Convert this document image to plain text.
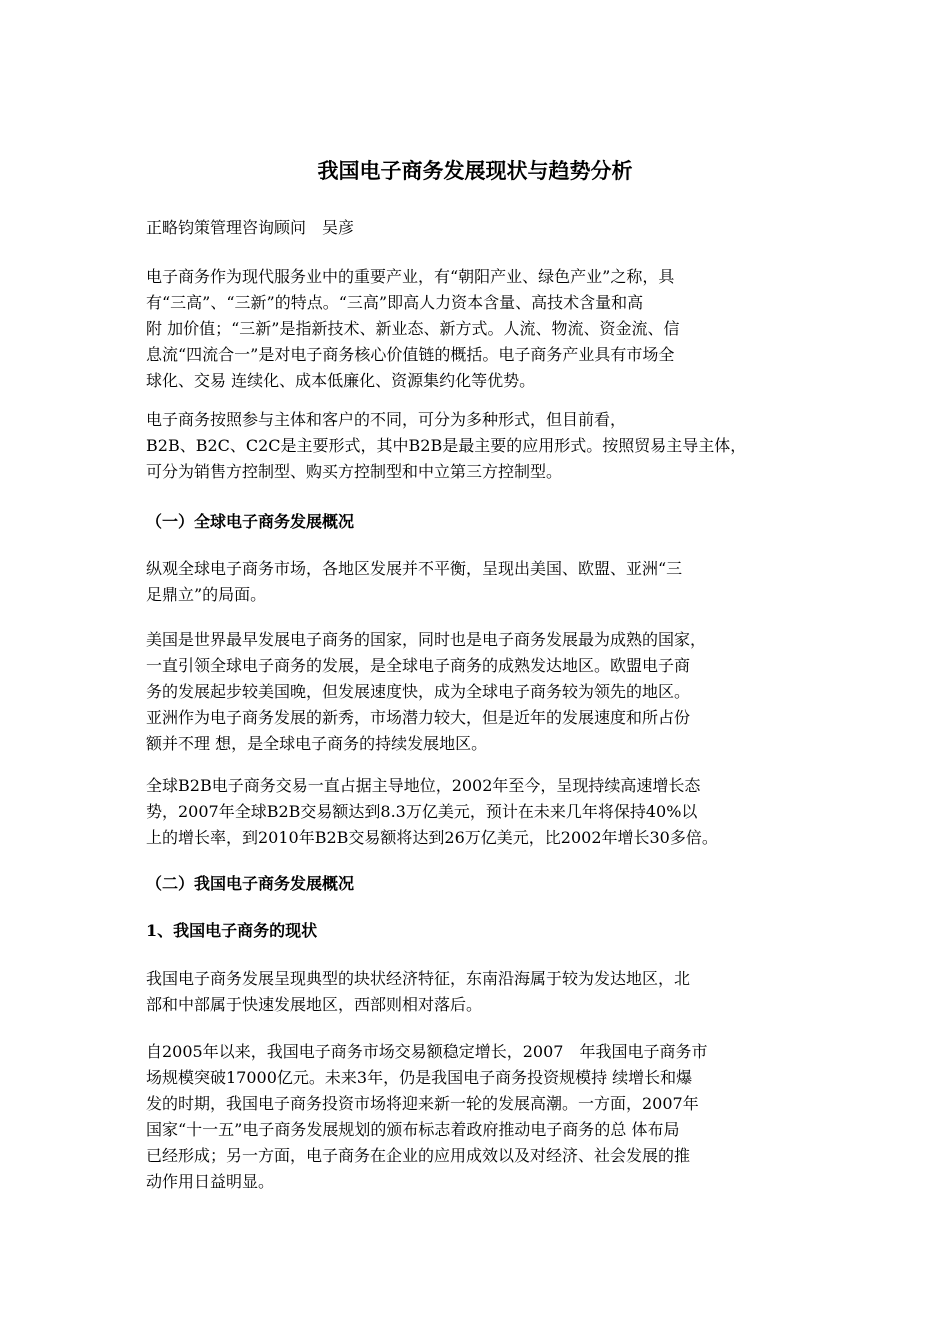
我国电子商务发展现状与趋势分析

正略钧策管理咨询顾问　吴彦

电子商务作为现代服务业中的重要产业，有“朝阳产业、绿色产业”之称，具
有“三高”、“三新”的特点。“三高”即高人力资本含量、高技术含量和高
附 加价值；“三新”是指新技术、新业态、新方式。人流、物流、资金流、信
息流“四流合一”是对电子商务核心价值链的概括。电子商务产业具有市场全
球化、交易 连续化、成本低廉化、资源集约化等优势。

电子商务按照参与主体和客户的不同，可分为多种形式，但目前看，
B2B、B2C、C2C是主要形式，其中B2B是最主要的应用形式。按照贸易主导主体，
可分为销售方控制型、购买方控制型和中立第三方控制型。

（一）全球电子商务发展概况

纵观全球电子商务市场，各地区发展并不平衡，呈现出美国、欧盟、亚洲“三
足鼎立”的局面。

美国是世界最早发展电子商务的国家，同时也是电子商务发展最为成熟的国家，
一直引领全球电子商务的发展，是全球电子商务的成熟发达地区。欧盟电子商
务的发展起步较美国晚，但发展速度快，成为全球电子商务较为领先的地区。
亚洲作为电子商务发展的新秀，市场潜力较大，但是近年的发展速度和所占份
额并不理 想，是全球电子商务的持续发展地区。

全球B2B电子商务交易一直占据主导地位，2002年至今，呈现持续高速增长态
势，2007年全球B2B交易额达到8.3万亿美元，预计在未来几年将保持40%以
上的增长率，到2010年B2B交易额将达到26万亿美元，比2002年增长30多倍。

（二）我国电子商务发展概况
1、我国电子商务的现状

我国电子商务发展呈现典型的块状经济特征，东南沿海属于较为发达地区，北
部和中部属于快速发展地区，西部则相对落后。

自2005年以来，我国电子商务市场交易额稳定增长，2007　年我国电子商务市
场规模突破17000亿元。未来3年，仍是我国电子商务投资规模持 续增长和爆
发的时期，我国电子商务投资市场将迎来新一轮的发展高潮。一方面，2007年
国家“十一五”电子商务发展规划的颁布标志着政府推动电子商务的总 体布局
已经形成；另一方面，电子商务在企业的应用成效以及对经济、社会发展的推
动作用日益明显。
